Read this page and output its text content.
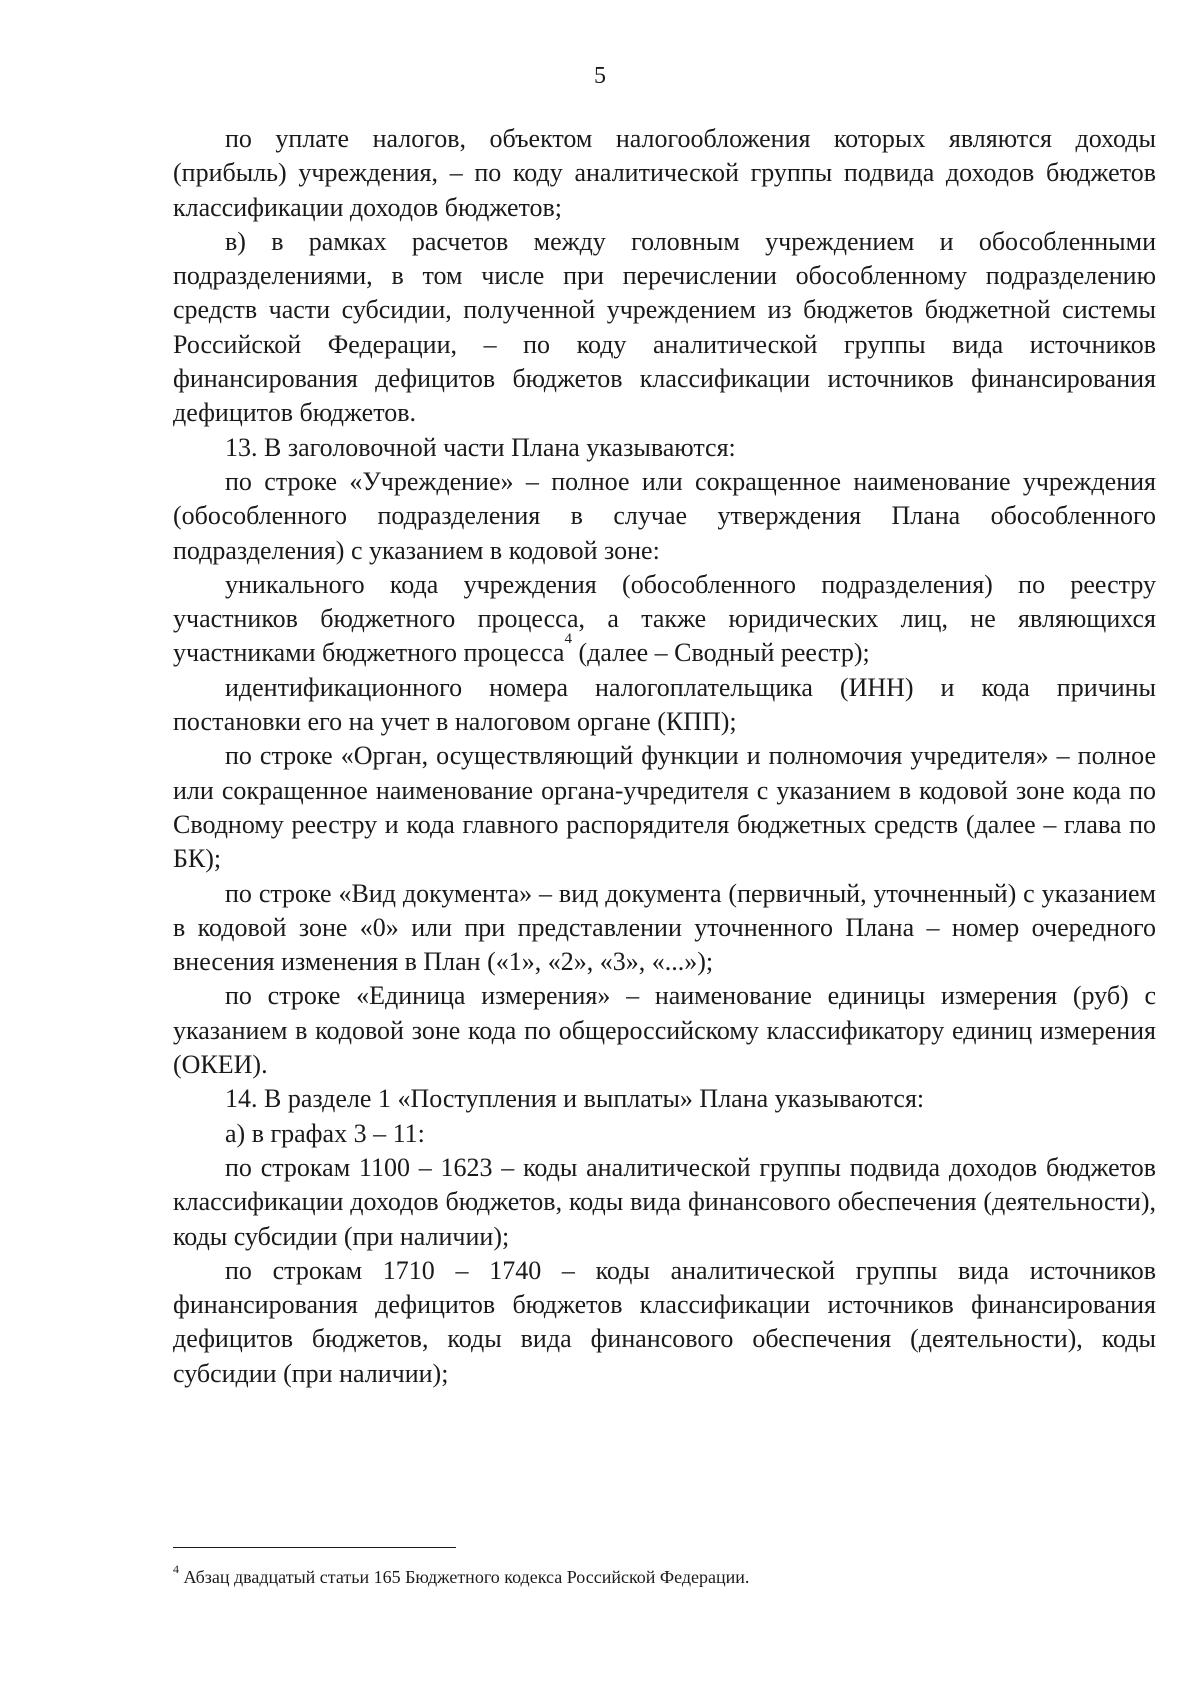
5

по уплате налогов, объектом налогообложения которых являются доходы (прибыль) учреждения, – по коду аналитической группы подвида доходов бюджетов классификации доходов бюджетов;

в) в рамках расчетов между головным учреждением и обособленными подразделениями, в том числе при перечислении обособленному подразделению средств части субсидии, полученной учреждением из бюджетов бюджетной системы Российской Федерации, – по коду аналитической группы вида источников финансирования дефицитов бюджетов классификации источников финансирования дефицитов бюджетов.

13. В заголовочной части Плана указываются:

по строке «Учреждение» – полное или сокращенное наименование учреждения (обособленного подразделения в случае утверждения Плана обособленного подразделения) с указанием в кодовой зоне:

уникального кода учреждения (обособленного подразделения) по реестру участников бюджетного процесса, а также юридических лиц, не являющихся участниками бюджетного процесса$^4$ (далее – Сводный реестр);

идентификационного номера налогоплательщика (ИНН) и кода причины постановки его на учет в налоговом органе (КПП);

по строке «Орган, осуществляющий функции и полномочия учредителя» – полное или сокращенное наименование органа-учредителя с указанием в кодовой зоне кода по Сводному реестру и кода главного распорядителя бюджетных средств (далее – глава по БК);

по строке «Вид документа» – вид документа (первичный, уточненный) с указанием в кодовой зоне «0» или при представлении уточненного Плана – номер очередного внесения изменения в План («1», «2», «3», «...»);

по строке «Единица измерения» – наименование единицы измерения (руб) с указанием в кодовой зоне кода по общероссийскому классификатору единиц измерения (ОКЕИ).

14. В разделе 1 «Поступления и выплаты» Плана указываются:

а) в графах 3 – 11:

по строкам 1100 – 1623 – коды аналитической группы подвида доходов бюджетов классификации доходов бюджетов, коды вида финансового обеспечения (деятельности), коды субсидии (при наличии);

по строкам 1710 – 1740 – коды аналитической группы вида источников финансирования дефицитов бюджетов классификации источников финансирования дефицитов бюджетов, коды вида финансового обеспечения (деятельности), коды субсидии (при наличии);

$^4$ Абзац двадцатый статьи 165 Бюджетного кодекса Российской Федерации.
